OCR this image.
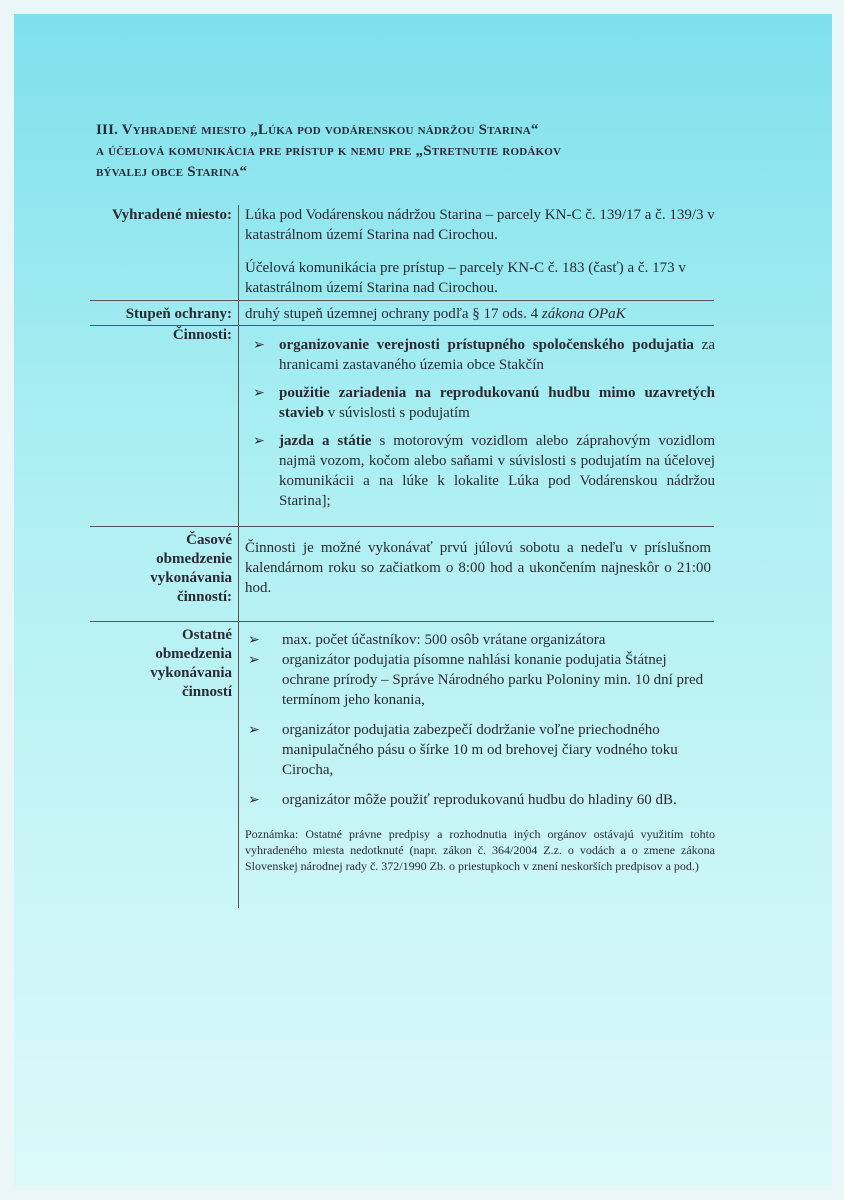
III. Vyhradené miesto „Lúka pod vodárenskou nádržou Starina“
a účelová komunikácia pre prístup k nemu pre „Stretnutie rodákov
bývalej obce Starina“
Vyhradené miesto: Lúka pod Vodárenskou nádržou Starina – parcely KN-C č. 139/17 a č. 139/3 v katastrálnom území Starina nad Cirochou.
Účelová komunikácia pre prístup – parcely KN-C č. 183 (časť) a č. 173 v katastrálnom území Starina nad Cirochou.
Stupeň ochrany: druhý stupeň územnej ochrany podľa § 17 ods. 4 zákona OPaK
Činnosti:
➢ organizovanie verejnosti prístupného spoločenského podujatia za hranicami zastavaného územia obce Stakčín
➢ použitie zariadenia na reprodukovanú hudbu mimo uzavretých stavieb v súvislosti s podujatím
➢ jazda a státie s motorovým vozidlom alebo záprahovým vozidlom najmä vozom, kočom alebo saňami v súvislosti s podujatím na účelovej komunikácii a na lúke k lokalite Lúka pod Vodárenskou nádržou Starina];
Časové
obmedzenie
vykonávania
činností:
Činnosti je možné vykonávať prvú júlovú sobotu a nedeľu v príslušnom kalendárnom roku so začiatkom o 8:00 hod a ukončením najneskôr o 21:00 hod.
Ostatné
obmedzenia
vykonávania
činností
➢ max. počet účastníkov: 500 osôb vrátane organizátora
➢ organizátor podujatia písomne nahlási konanie podujatia Štátnej ochrane prírody – Správe Národného parku Poloniny min. 10 dní pred termínom jeho konania,
➢ organizátor podujatia zabezpečí dodržanie voľne priechodného manipulačného pásu o šírke 10 m od brehovej čiary vodného toku Cirocha,
➢ organizátor môže použiť reprodukovanú hudbu do hladiny 60 dB.
Poznámka: Ostatné právne predpisy a rozhodnutia iných orgánov ostávajú využitím tohto vyhradeného miesta nedotknuté (napr. zákon č. 364/2004 Z.z. o vodách a o zmene zákona Slovenskej národnej rady č. 372/1990 Zb. o priestupkoch v znení neskorších predpisov a pod.)
